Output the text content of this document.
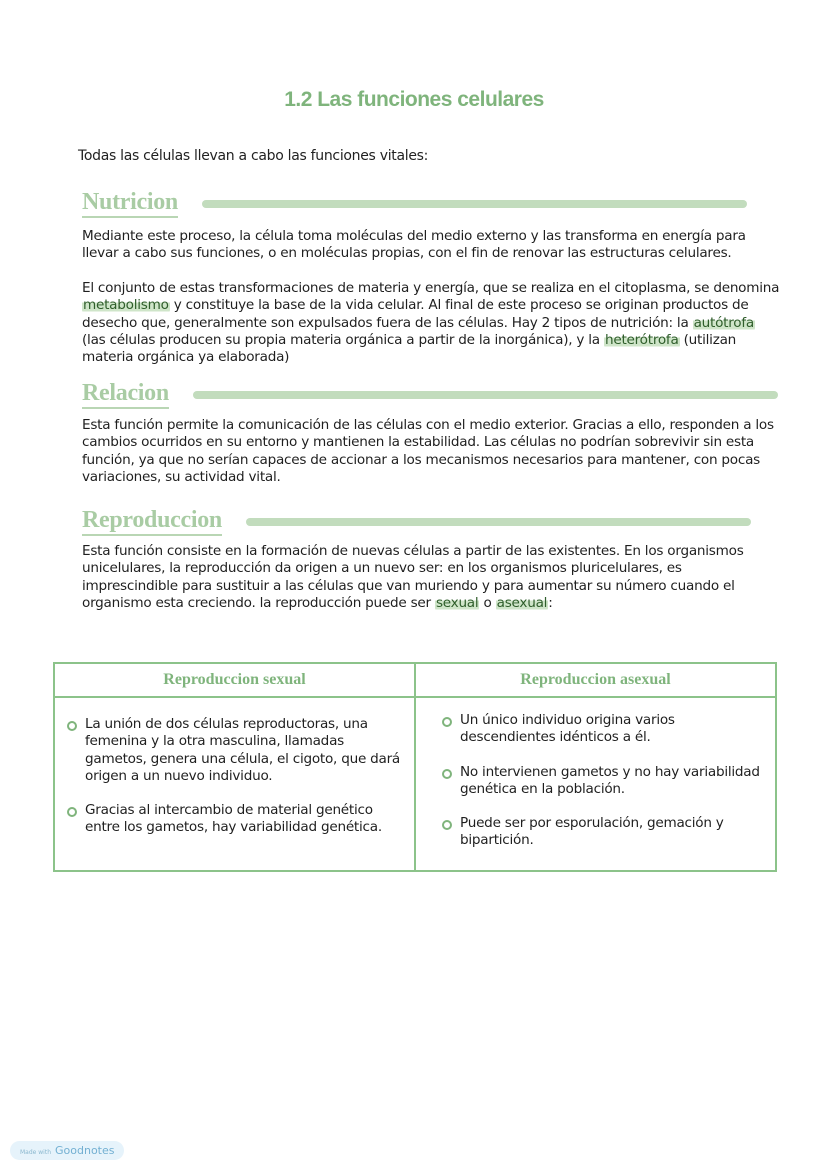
1.2 Las funciones celulares
Todas las células llevan a cabo las funciones vitales:
Nutricion
Mediante este proceso, la célula toma moléculas del medio externo y las transforma en energía para llevar a cabo sus funciones, o en moléculas propias, con el fin de renovar las estructuras celulares.
El conjunto de estas transformaciones de materia y energía, que se realiza en el citoplasma, se denomina metabolismo y constituye la base de la vida celular. Al final de este proceso se originan productos de desecho que, generalmente son expulsados fuera de las células. Hay 2 tipos de nutrición: la autótrofa (las células producen su propia materia orgánica a partir de la inorgánica), y la heterótrofa (utilizan materia orgánica ya elaborada)
Relacion
Esta función permite la comunicación de las células con el medio exterior. Gracias a ello, responden a los cambios ocurridos en su entorno y mantienen la estabilidad. Las células no podrían sobrevivir sin esta función, ya que no serían capaces de accionar a los mecanismos necesarios para mantener, con pocas variaciones, su actividad vital.
Reproduccion
Esta función consiste en la formación de nuevas células a partir de las existentes. En los organismos unicelulares, la reproducción da origen a un nuevo ser: en los organismos pluricelulares, es imprescindible para sustituir a las células que van muriendo y para aumentar su número cuando el organismo esta creciendo. la reproducción puede ser sexual o asexual:
Reproduccion sexual
La unión de dos células reproductoras, una femenina y la otra masculina, llamadas gametos, genera una célula, el cigoto, que dará origen a un nuevo individuo.
Gracias al intercambio de material genético entre los gametos, hay variabilidad genética.
Reproduccion asexual
Un único individuo origina varios descendientes idénticos a él.
No intervienen gametos y no hay variabilidad genética en la población.
Puede ser por esporulación, gemación y bipartición.
Made with Goodnotes
